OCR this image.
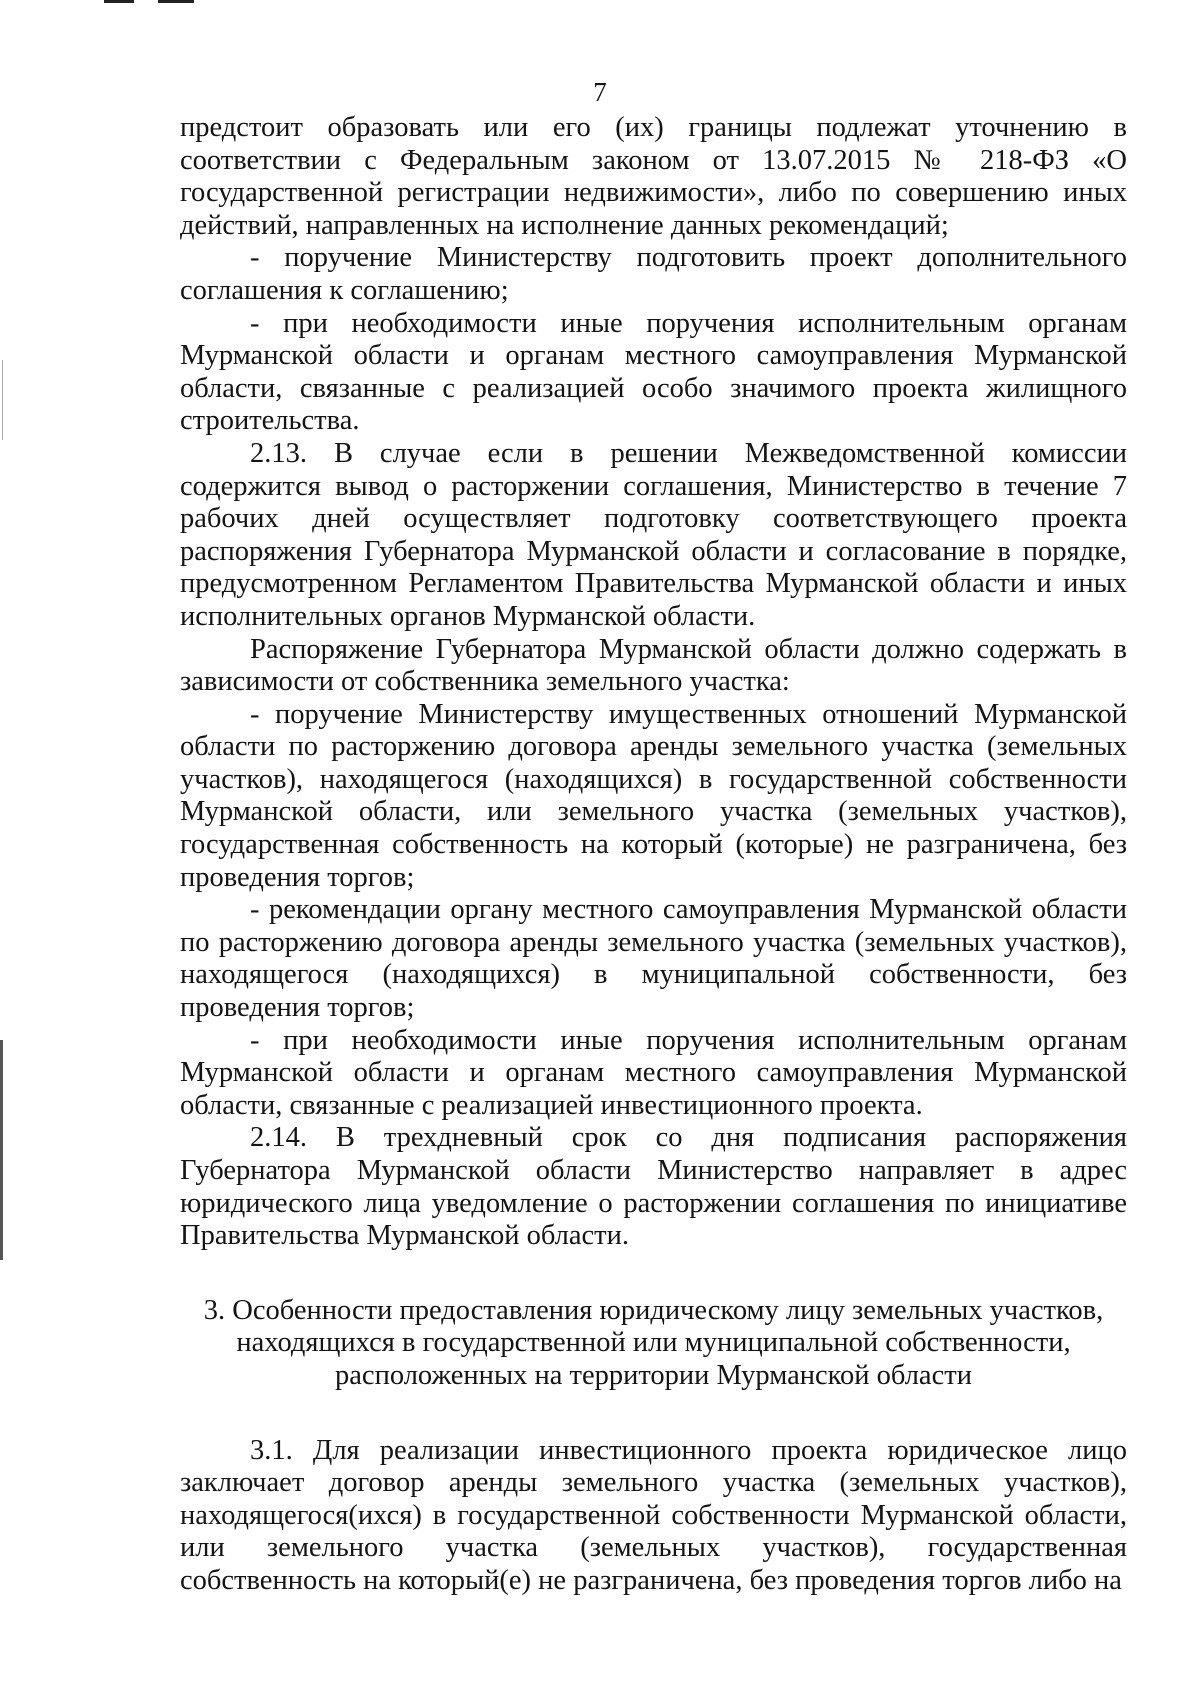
7

предстоит образовать или его (их) границы подлежат уточнению в соответствии с Федеральным законом от 13.07.2015 № 218-ФЗ «О государственной регистрации недвижимости», либо по совершению иных действий, направленных на исполнение данных рекомендаций;

- поручение Министерству подготовить проект дополнительного соглашения к соглашению;

- при необходимости иные поручения исполнительным органам Мурманской области и органам местного самоуправления Мурманской области, связанные с реализацией особо значимого проекта жилищного строительства.

2.13. В случае если в решении Межведомственной комиссии содержится вывод о расторжении соглашения, Министерство в течение 7 рабочих дней осуществляет подготовку соответствующего проекта распоряжения Губернатора Мурманской области и согласование в порядке, предусмотренном Регламентом Правительства Мурманской области и иных исполнительных органов Мурманской области.

Распоряжение Губернатора Мурманской области должно содержать в зависимости от собственника земельного участка:

- поручение Министерству имущественных отношений Мурманской области по расторжению договора аренды земельного участка (земельных участков), находящегося (находящихся) в государственной собственности Мурманской области, или земельного участка (земельных участков), государственная собственность на который (которые) не разграничена, без проведения торгов;

- рекомендации органу местного самоуправления Мурманской области по расторжению договора аренды земельного участка (земельных участков), находящегося (находящихся) в муниципальной собственности, без проведения торгов;

- при необходимости иные поручения исполнительным органам Мурманской области и органам местного самоуправления Мурманской области, связанные с реализацией инвестиционного проекта.

2.14. В трехдневный срок со дня подписания распоряжения Губернатора Мурманской области Министерство направляет в адрес юридического лица уведомление о расторжении соглашения по инициативе Правительства Мурманской области.

3. Особенности предоставления юридическому лицу земельных участков,
находящихся в государственной или муниципальной собственности,
расположенных на территории Мурманской области

3.1. Для реализации инвестиционного проекта юридическое лицо заключает договор аренды земельного участка (земельных участков), находящегося(ихся) в государственной собственности Мурманской области, или земельного участка (земельных участков), государственная собственность на который(е) не разграничена, без проведения торгов либо на
